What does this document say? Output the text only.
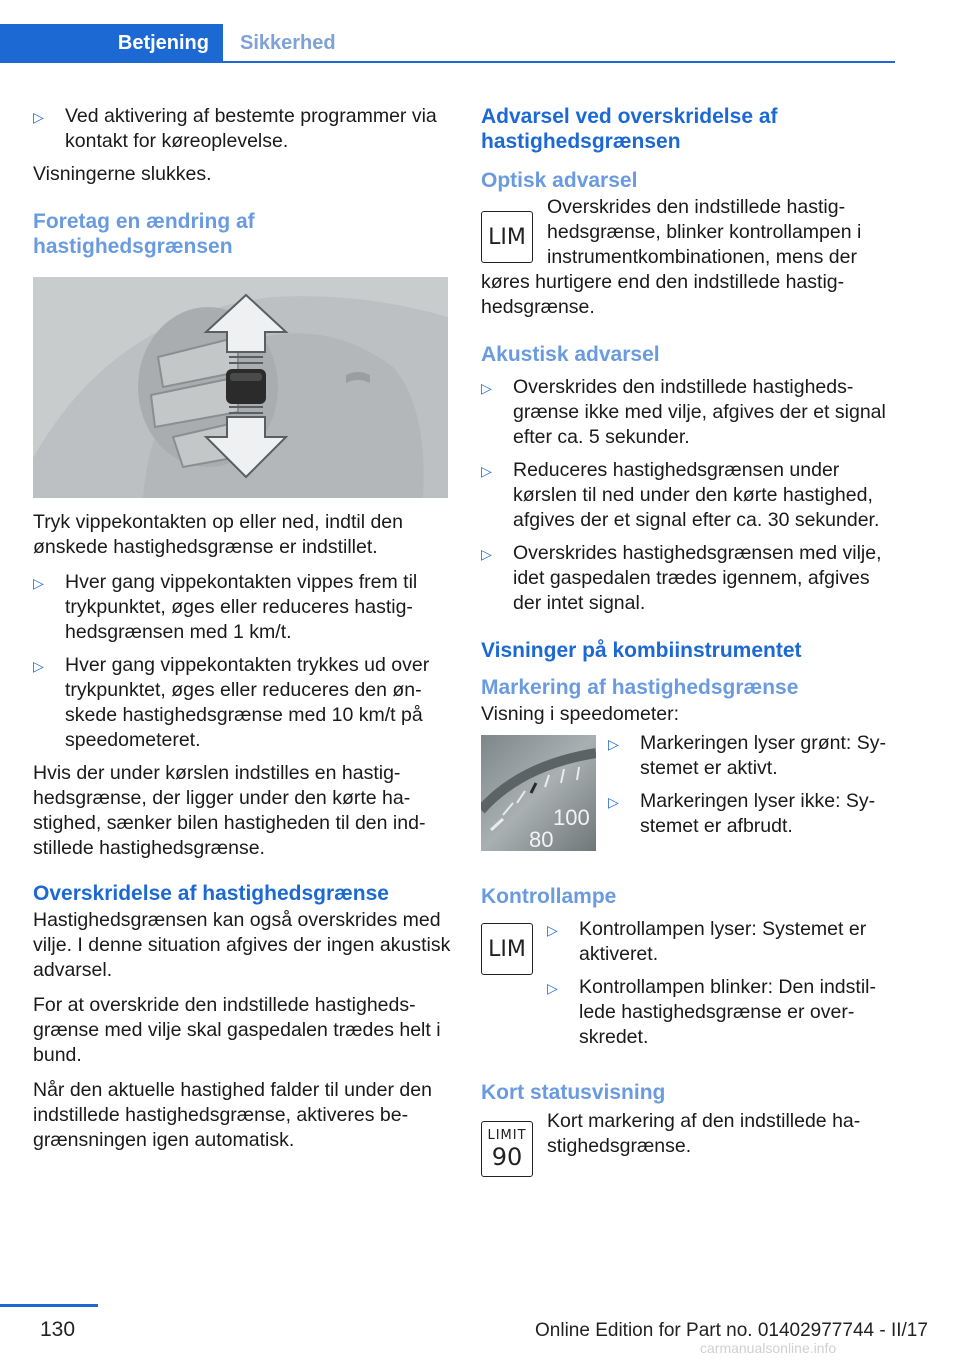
Betjening	Sikkerhed
▷	Ved aktivering af bestemte programmer via kontakt for køreoplevelse.

Visningerne slukkes.

Foretag en ændring af hastighedsgrænsen

Tryk vippekontakten op eller ned, indtil den ønskede hastighedsgrænse er indstillet.

▷	Hver gang vippekontakten vippes frem til trykpunktet, øges eller reduceres hastighedsgrænsen med 1 km/t.
▷	Hver gang vippekontakten trykkes ud over trykpunktet, øges eller reduceres den ønskede hastighedsgrænse med 10 km/t på speedometeret.

Hvis der under kørslen indstilles en hastighedsgrænse, der ligger under den kørte hastighed, sænker bilen hastigheden til den indstillede hastighedsgrænse.

Overskridelse af hastighedsgrænse

Hastighedsgrænsen kan også overskrides med vilje. I denne situation afgives der ingen akustisk advarsel.

For at overskride den indstillede hastighedsgrænse med vilje skal gaspedalen trædes helt i bund.

Når den aktuelle hastighed falder til under den indstillede hastighedsgrænse, aktiveres begrænsningen igen automatisk.

Advarsel ved overskridelse af hastighedsgrænsen
Optisk advarsel
LIM
Overskrides den indstillede hastighedsgrænse, blinker kontrollampen i instrumentkombinationen, mens der

køres hurtigere end den indstillede hastighedsgrænse.

Akustisk advarsel
▷	Overskrides den indstillede hastighedsgrænse ikke med vilje, afgives der et signal efter ca. 5 sekunder.
▷	Reduceres hastighedsgrænsen under kørslen til ned under den kørte hastighed, afgives der et signal efter ca. 30 sekunder.
▷	Overskrides hastighedsgrænsen med vilje, idet gaspedalen trædes igennem, afgives der intet signal.
Visninger på kombiinstrumentet
Markering af hastighedsgrænse

Visning i speedometer:

100
80
▷	Markeringen lyser grønt: Systemet er aktivt.
▷	Markeringen lyser ikke: Systemet er afbrudt.
Kontrollampe
LIM
▷	Kontrollampen lyser: Systemet er aktiveret.
▷	Kontrollampen blinker: Den indstillede hastighedsgrænse er overskredet.
Kort statusvisning
LIMIT
90
Kort markering af den indstillede hastighedsgrænse.
130	Online Edition for Part no. 01402977744 - II/17
carmanualsonline.info
